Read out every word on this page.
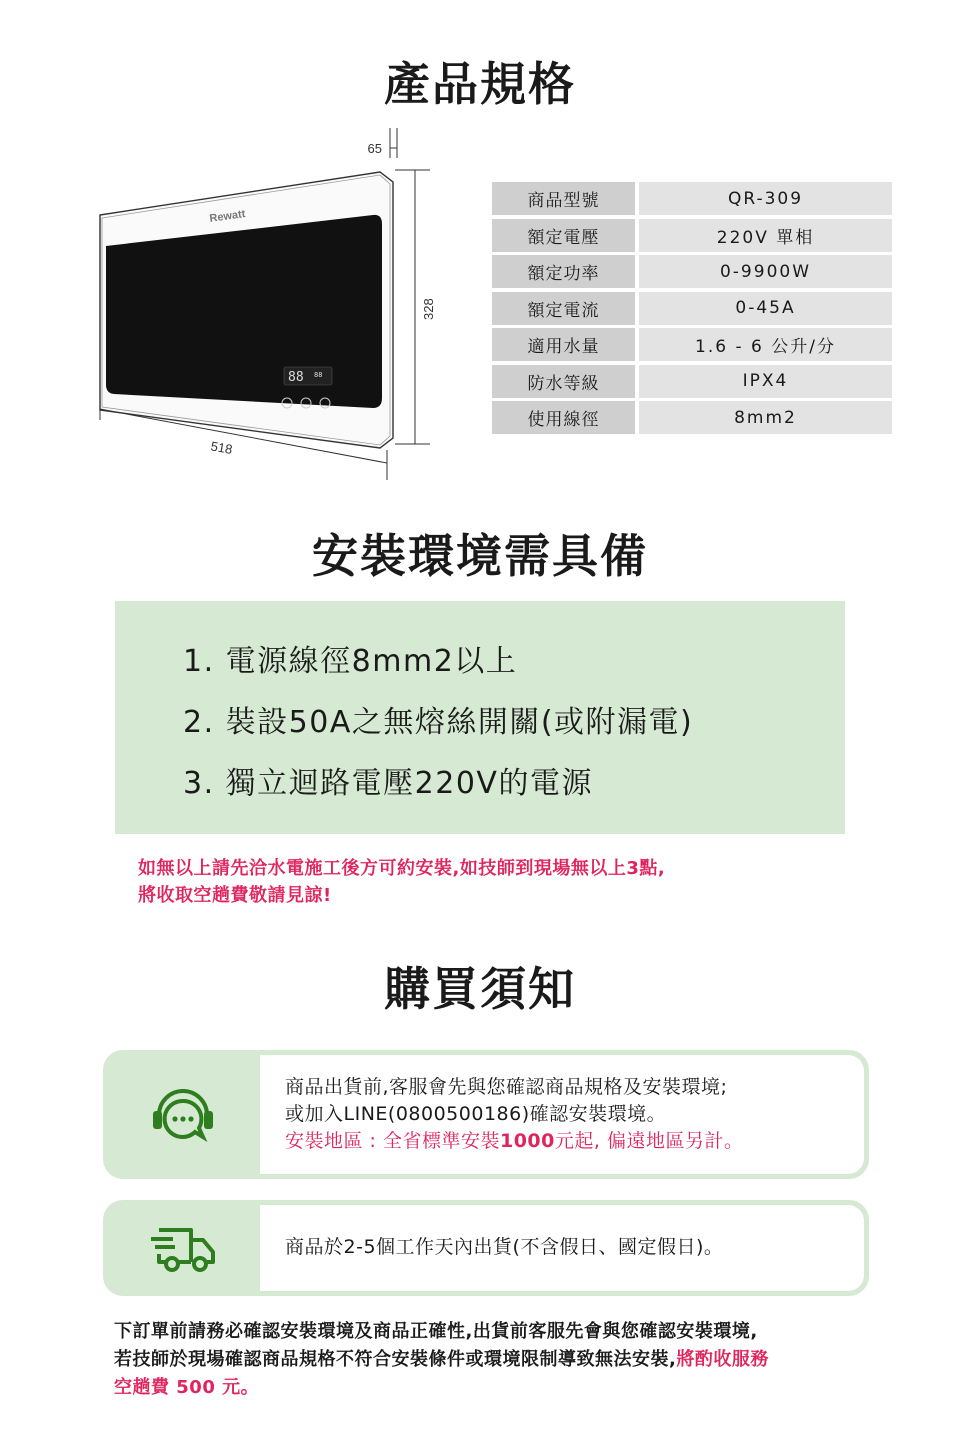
產品規格
65
328
Rewatt
88 88
518
商品型號	QR-309
額定電壓	220V 單相
額定功率	0-9900W
額定電流	0-45A
適用水量	1.6 - 6 公升/分
防水等級	IPX4
使用線徑	8mm2
安裝環境需具備
1. 電源線徑8mm2以上
2. 裝設50A之無熔絲開關(或附漏電)
3. 獨立迴路電壓220V的電源
如無以上請先洽水電施工後方可約安裝,如技師到現場無以上3點,
將收取空趟費敬請見諒!
購買須知
商品出貨前,客服會先與您確認商品規格及安裝環境;
或加入LINE(0800500186)確認安裝環境。
安裝地區 : 全省標準安裝1000元起, 偏遠地區另計。
商品於2-5個工作天內出貨(不含假日、國定假日)。
下訂單前請務必確認安裝環境及商品正確性,出貨前客服先會與您確認安裝環境,
若技師於現場確認商品規格不符合安裝條件或環境限制導致無法安裝,將酌收服務
空趟費 500 元。
